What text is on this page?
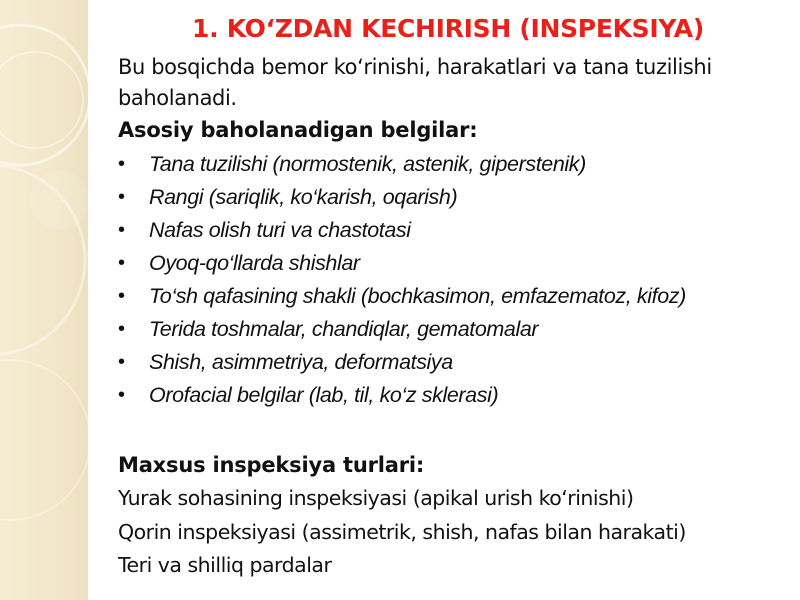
1. KO‘ZDAN KECHIRISH (INSPEKSIYA)
Bu bosqichda bemor ko‘rinishi, harakatlari va tana tuzilishi baholanadi.
Asosiy baholanadigan belgilar:
• Tana tuzilishi (normostenik, astenik, giperstenik)
• Rangi (sariqlik, ko‘karish, oqarish)
• Nafas olish turi va chastotasi
• Oyoq-qo‘llarda shishlar
• To‘sh qafasining shakli (bochkasimon, emfazematoz, kifoz)
• Terida toshmalar, chandiqlar, gematomalar
• Shish, asimmetriya, deformatsiya
• Orofacial belgilar (lab, til, ko‘z sklerasi)
Maxsus inspeksiya turlari:
Yurak sohasining inspeksiyasi (apikal urish ko‘rinishi)
Qorin inspeksiyasi (assimetrik, shish, nafas bilan harakati)
Teri va shilliq pardalar
